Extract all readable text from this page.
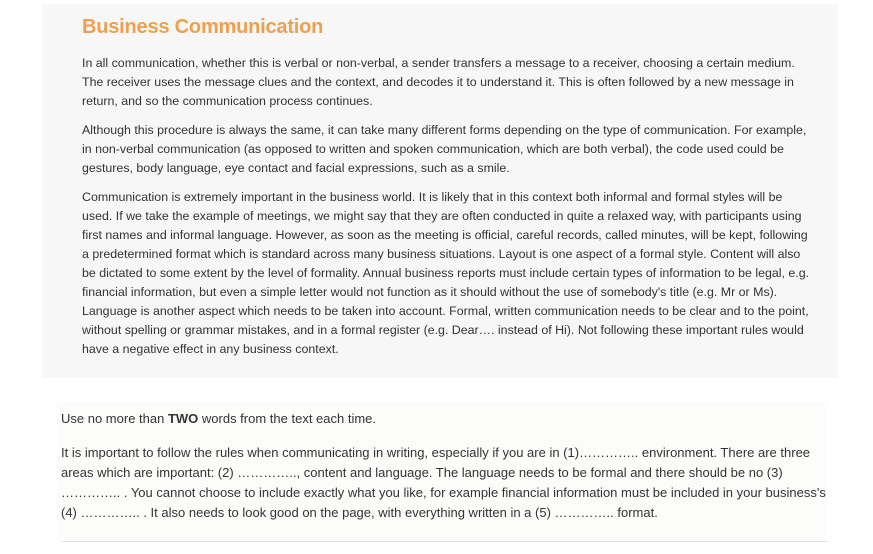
Business Communication

In all communication, whether this is verbal or non-verbal, a sender transfers a message to a receiver, choosing a certain medium. The receiver uses the message clues and the context, and decodes it to understand it. This is often followed by a new message in return, and so the communication process continues.

Although this procedure is always the same, it can take many different forms depending on the type of communication. For example, in non-verbal communication (as opposed to written and spoken communication, which are both verbal), the code used could be gestures, body language, eye contact and facial expressions, such as a smile.

Communication is extremely important in the business world. It is likely that in this context both informal and formal styles will be used. If we take the example of meetings, we might say that they are often conducted in quite a relaxed way, with participants using first names and informal language. However, as soon as the meeting is official, careful records, called minutes, will be kept, following a predetermined format which is standard across many business situations. Layout is one aspect of a formal style. Content will also be dictated to some extent by the level of formality. Annual business reports must include certain types of information to be legal, e.g. financial information, but even a simple letter would not function as it should without the use of somebody's title (e.g. Mr or Ms). Language is another aspect which needs to be taken into account. Formal, written communication needs to be clear and to the point, without spelling or grammar mistakes, and in a formal register (e.g. Dear…. instead of Hi). Not following these important rules would have a negative effect in any business context.

Use no more than TWO words from the text each time.

It is important to follow the rules when communicating in writing, especially if you are in (1)………….. environment. There are three areas which are important: (2) ………….., content and language. The language needs to be formal and there should be no (3) ………….. . You cannot choose to include exactly what you like, for example financial information must be included in your business's (4) ………….. . It also needs to look good on the page, with everything written in a (5) ………….. format.
